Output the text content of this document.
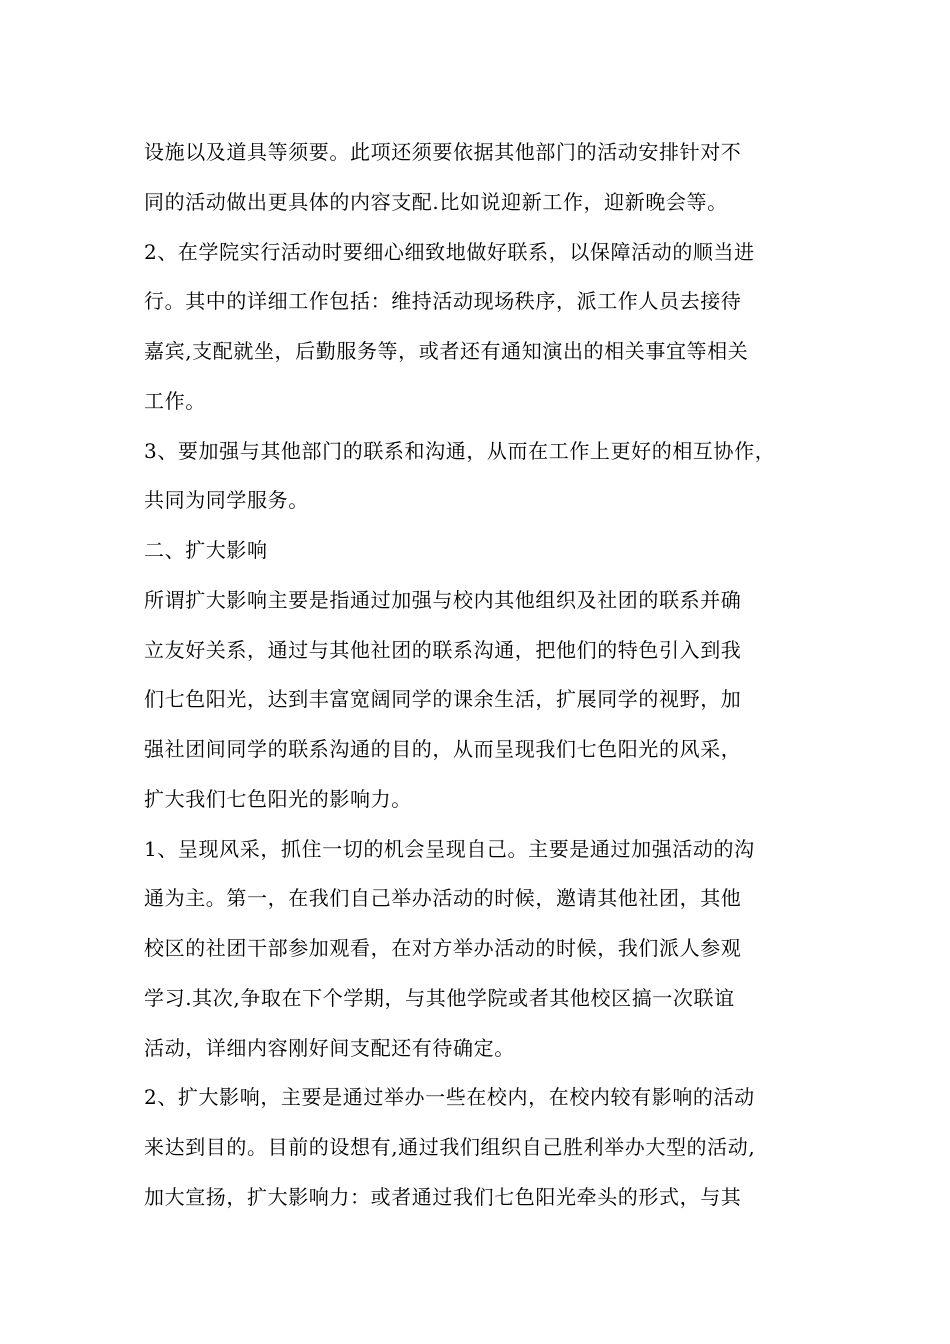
设施以及道具等须要。此项还须要依据其他部门的活动安排针对不
同的活动做出更具体的内容支配.比如说迎新工作，迎新晚会等。
2、在学院实行活动时要细心细致地做好联系，以保障活动的顺当进
行。其中的详细工作包括：维持活动现场秩序，派工作人员去接待
嘉宾,支配就坐，后勤服务等，或者还有通知演出的相关事宜等相关
工作。
3、要加强与其他部门的联系和沟通，从而在工作上更好的相互协作，
共同为同学服务。
二、扩大影响
所谓扩大影响主要是指通过加强与校内其他组织及社团的联系并确
立友好关系，通过与其他社团的联系沟通，把他们的特色引入到我
们七色阳光，达到丰富宽阔同学的课余生活，扩展同学的视野，加
强社团间同学的联系沟通的目的，从而呈现我们七色阳光的风采，
扩大我们七色阳光的影响力。
1、呈现风采，抓住一切的机会呈现自己。主要是通过加强活动的沟
通为主。第一，在我们自己举办活动的时候，邀请其他社团，其他
校区的社团干部参加观看，在对方举办活动的时候，我们派人参观
学习.其次,争取在下个学期，与其他学院或者其他校区搞一次联谊
活动，详细内容刚好间支配还有待确定。
2、扩大影响，主要是通过举办一些在校内，在校内较有影响的活动
来达到目的。目前的设想有,通过我们组织自己胜利举办大型的活动,
加大宣扬，扩大影响力：或者通过我们七色阳光牵头的形式，与其
